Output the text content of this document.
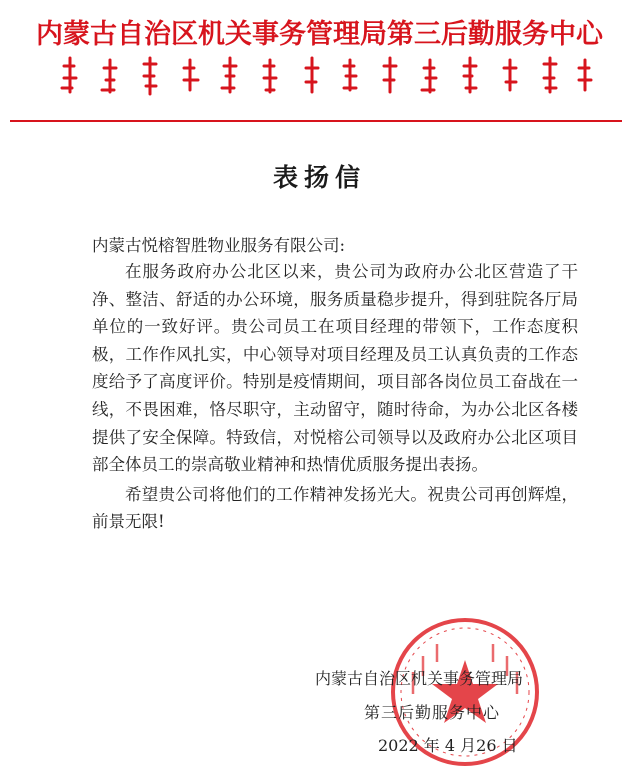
内蒙古自治区机关事务管理局第三后勤服务中心
表扬信
内蒙古悦榕智胜物业服务有限公司:

在服务政府办公北区以来，贵公司为政府办公北区营造了干净、整洁、舒适的办公环境，服务质量稳步提升，得到驻院各厅局单位的一致好评。贵公司员工在项目经理的带领下，工作态度积极，工作作风扎实，中心领导对项目经理及员工认真负责的工作态度给予了高度评价。特别是疫情期间，项目部各岗位员工奋战在一线，不畏困难，恪尽职守，主动留守，随时待命，为办公北区各楼提供了安全保障。特致信，对悦榕公司领导以及政府办公北区项目部全体员工的崇高敬业精神和热情优质服务提出表扬。

希望贵公司将他们的工作精神发扬光大。祝贵公司再创辉煌，前景无限!

内蒙古自治区机关事务管理局
第三后勤服务中心
2022 年 4 月26 日
